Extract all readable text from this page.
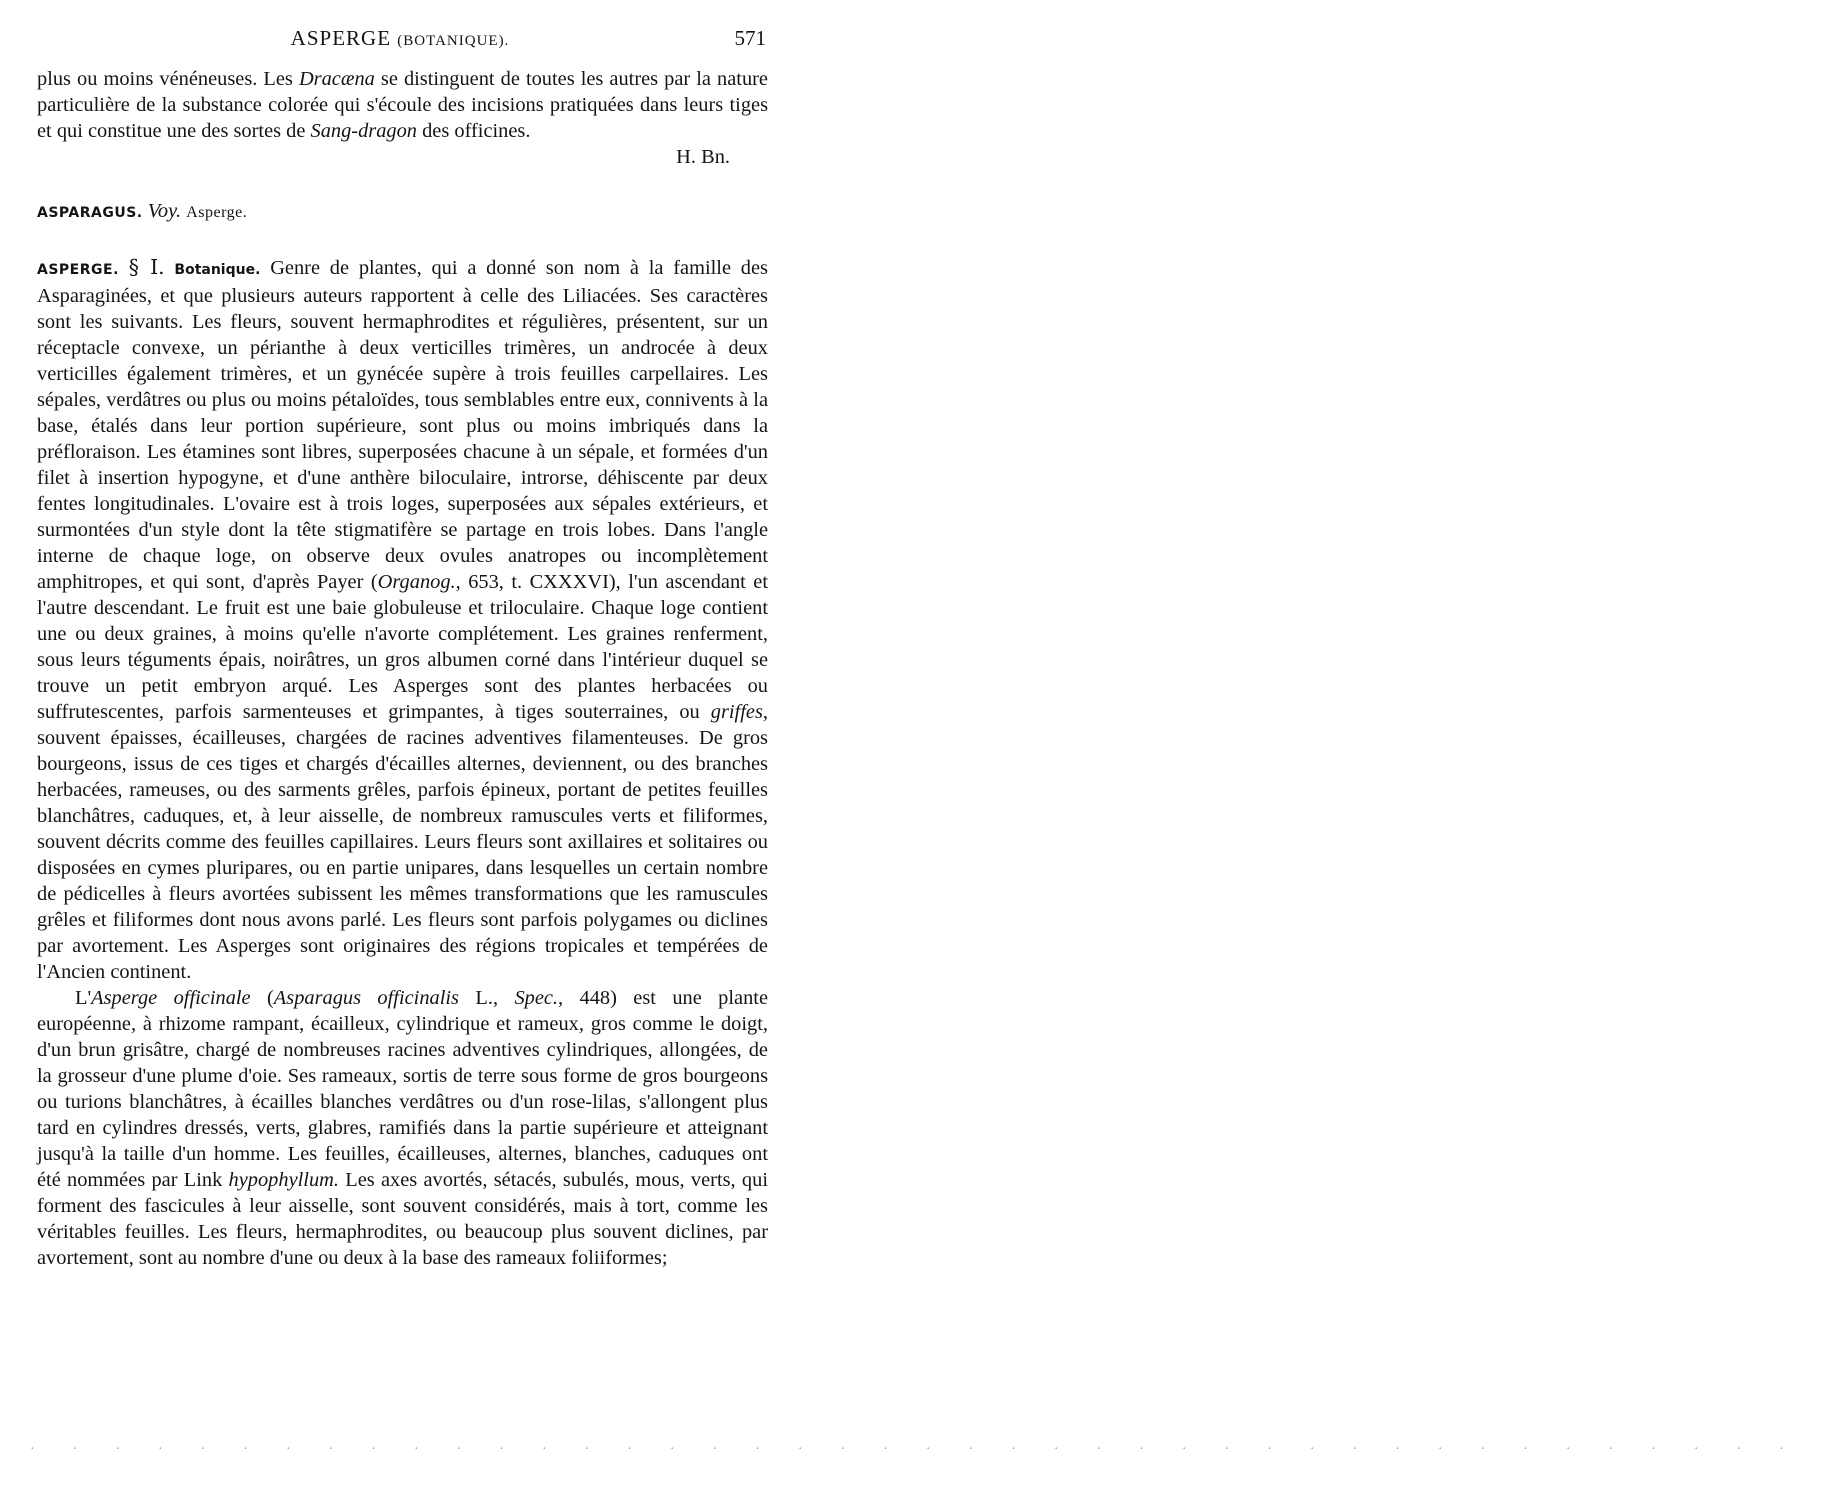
ASPERGE (BOTANIQUE).	571

plus ou moins vénéneuses. Les Dracæna se distinguent de toutes les autres par la nature particulière de la substance colorée qui s'écoule des incisions pratiquées dans leurs tiges et qui constitue une des sortes de Sang-dragon des officines.

H. Bn.

ASPARAGUS. Voy. Asperge.

ASPERGE. § I. Botanique. Genre de plantes, qui a donné son nom à la famille des Asparaginées, et que plusieurs auteurs rapportent à celle des Liliacées. Ses caractères sont les suivants. Les fleurs, souvent hermaphrodites et régulières, présentent, sur un réceptacle convexe, un périanthe à deux verticilles trimères, un androcée à deux verticilles également trimères, et un gynécée supère à trois feuilles carpellaires. Les sépales, verdâtres ou plus ou moins pétaloïdes, tous semblables entre eux, connivents à la base, étalés dans leur portion supérieure, sont plus ou moins imbriqués dans la préfloraison. Les étamines sont libres, superposées chacune à un sépale, et formées d'un filet à insertion hypogyne, et d'une anthère biloculaire, introrse, déhiscente par deux fentes longitudinales. L'ovaire est à trois loges, superposées aux sépales extérieurs, et surmontées d'un style dont la tête stigmatifère se partage en trois lobes. Dans l'angle interne de chaque loge, on observe deux ovules anatropes ou incomplètement amphitropes, et qui sont, d'après Payer (Organog., 653, t. CXXXVI), l'un ascendant et l'autre descendant. Le fruit est une baie globuleuse et triloculaire. Chaque loge contient une ou deux graines, à moins qu'elle n'avorte complétement. Les graines renferment, sous leurs téguments épais, noirâtres, un gros albumen corné dans l'intérieur duquel se trouve un petit embryon arqué. Les Asperges sont des plantes herbacées ou suffrutescentes, parfois sarmenteuses et grimpantes, à tiges souterraines, ou griffes, souvent épaisses, écailleuses, chargées de racines adventives filamenteuses. De gros bourgeons, issus de ces tiges et chargés d'écailles alternes, deviennent, ou des branches herbacées, rameuses, ou des sarments grêles, parfois épineux, portant de petites feuilles blanchâtres, caduques, et, à leur aisselle, de nombreux ramuscules verts et filiformes, souvent décrits comme des feuilles capillaires. Leurs fleurs sont axillaires et solitaires ou disposées en cymes pluripares, ou en partie unipares, dans lesquelles un certain nombre de pédicelles à fleurs avortées subissent les mêmes transformations que les ramuscules grêles et filiformes dont nous avons parlé. Les fleurs sont parfois polygames ou diclines par avortement. Les Asperges sont originaires des régions tropicales et tempérées de l'Ancien continent.

L'Asperge officinale (Asparagus officinalis L., Spec., 448) est une plante européenne, à rhizome rampant, écailleux, cylindrique et rameux, gros comme le doigt, d'un brun grisâtre, chargé de nombreuses racines adventives cylindriques, allongées, de la grosseur d'une plume d'oie. Ses rameaux, sortis de terre sous forme de gros bourgeons ou turions blanchâtres, à écailles blanches verdâtres ou d'un rose-lilas, s'allongent plus tard en cylindres dressés, verts, glabres, ramifiés dans la partie supérieure et atteignant jusqu'à la taille d'un homme. Les feuilles, écailleuses, alternes, blanches, caduques ont été nommées par Link hypophyllum. Les axes avortés, sétacés, subulés, mous, verts, qui forment des fascicules à leur aisselle, sont souvent considérés, mais à tort, comme les véritables feuilles. Les fleurs, hermaphrodites, ou beaucoup plus souvent diclines, par avortement, sont au nombre d'une ou deux à la base des rameaux foliiformes;

··········································
